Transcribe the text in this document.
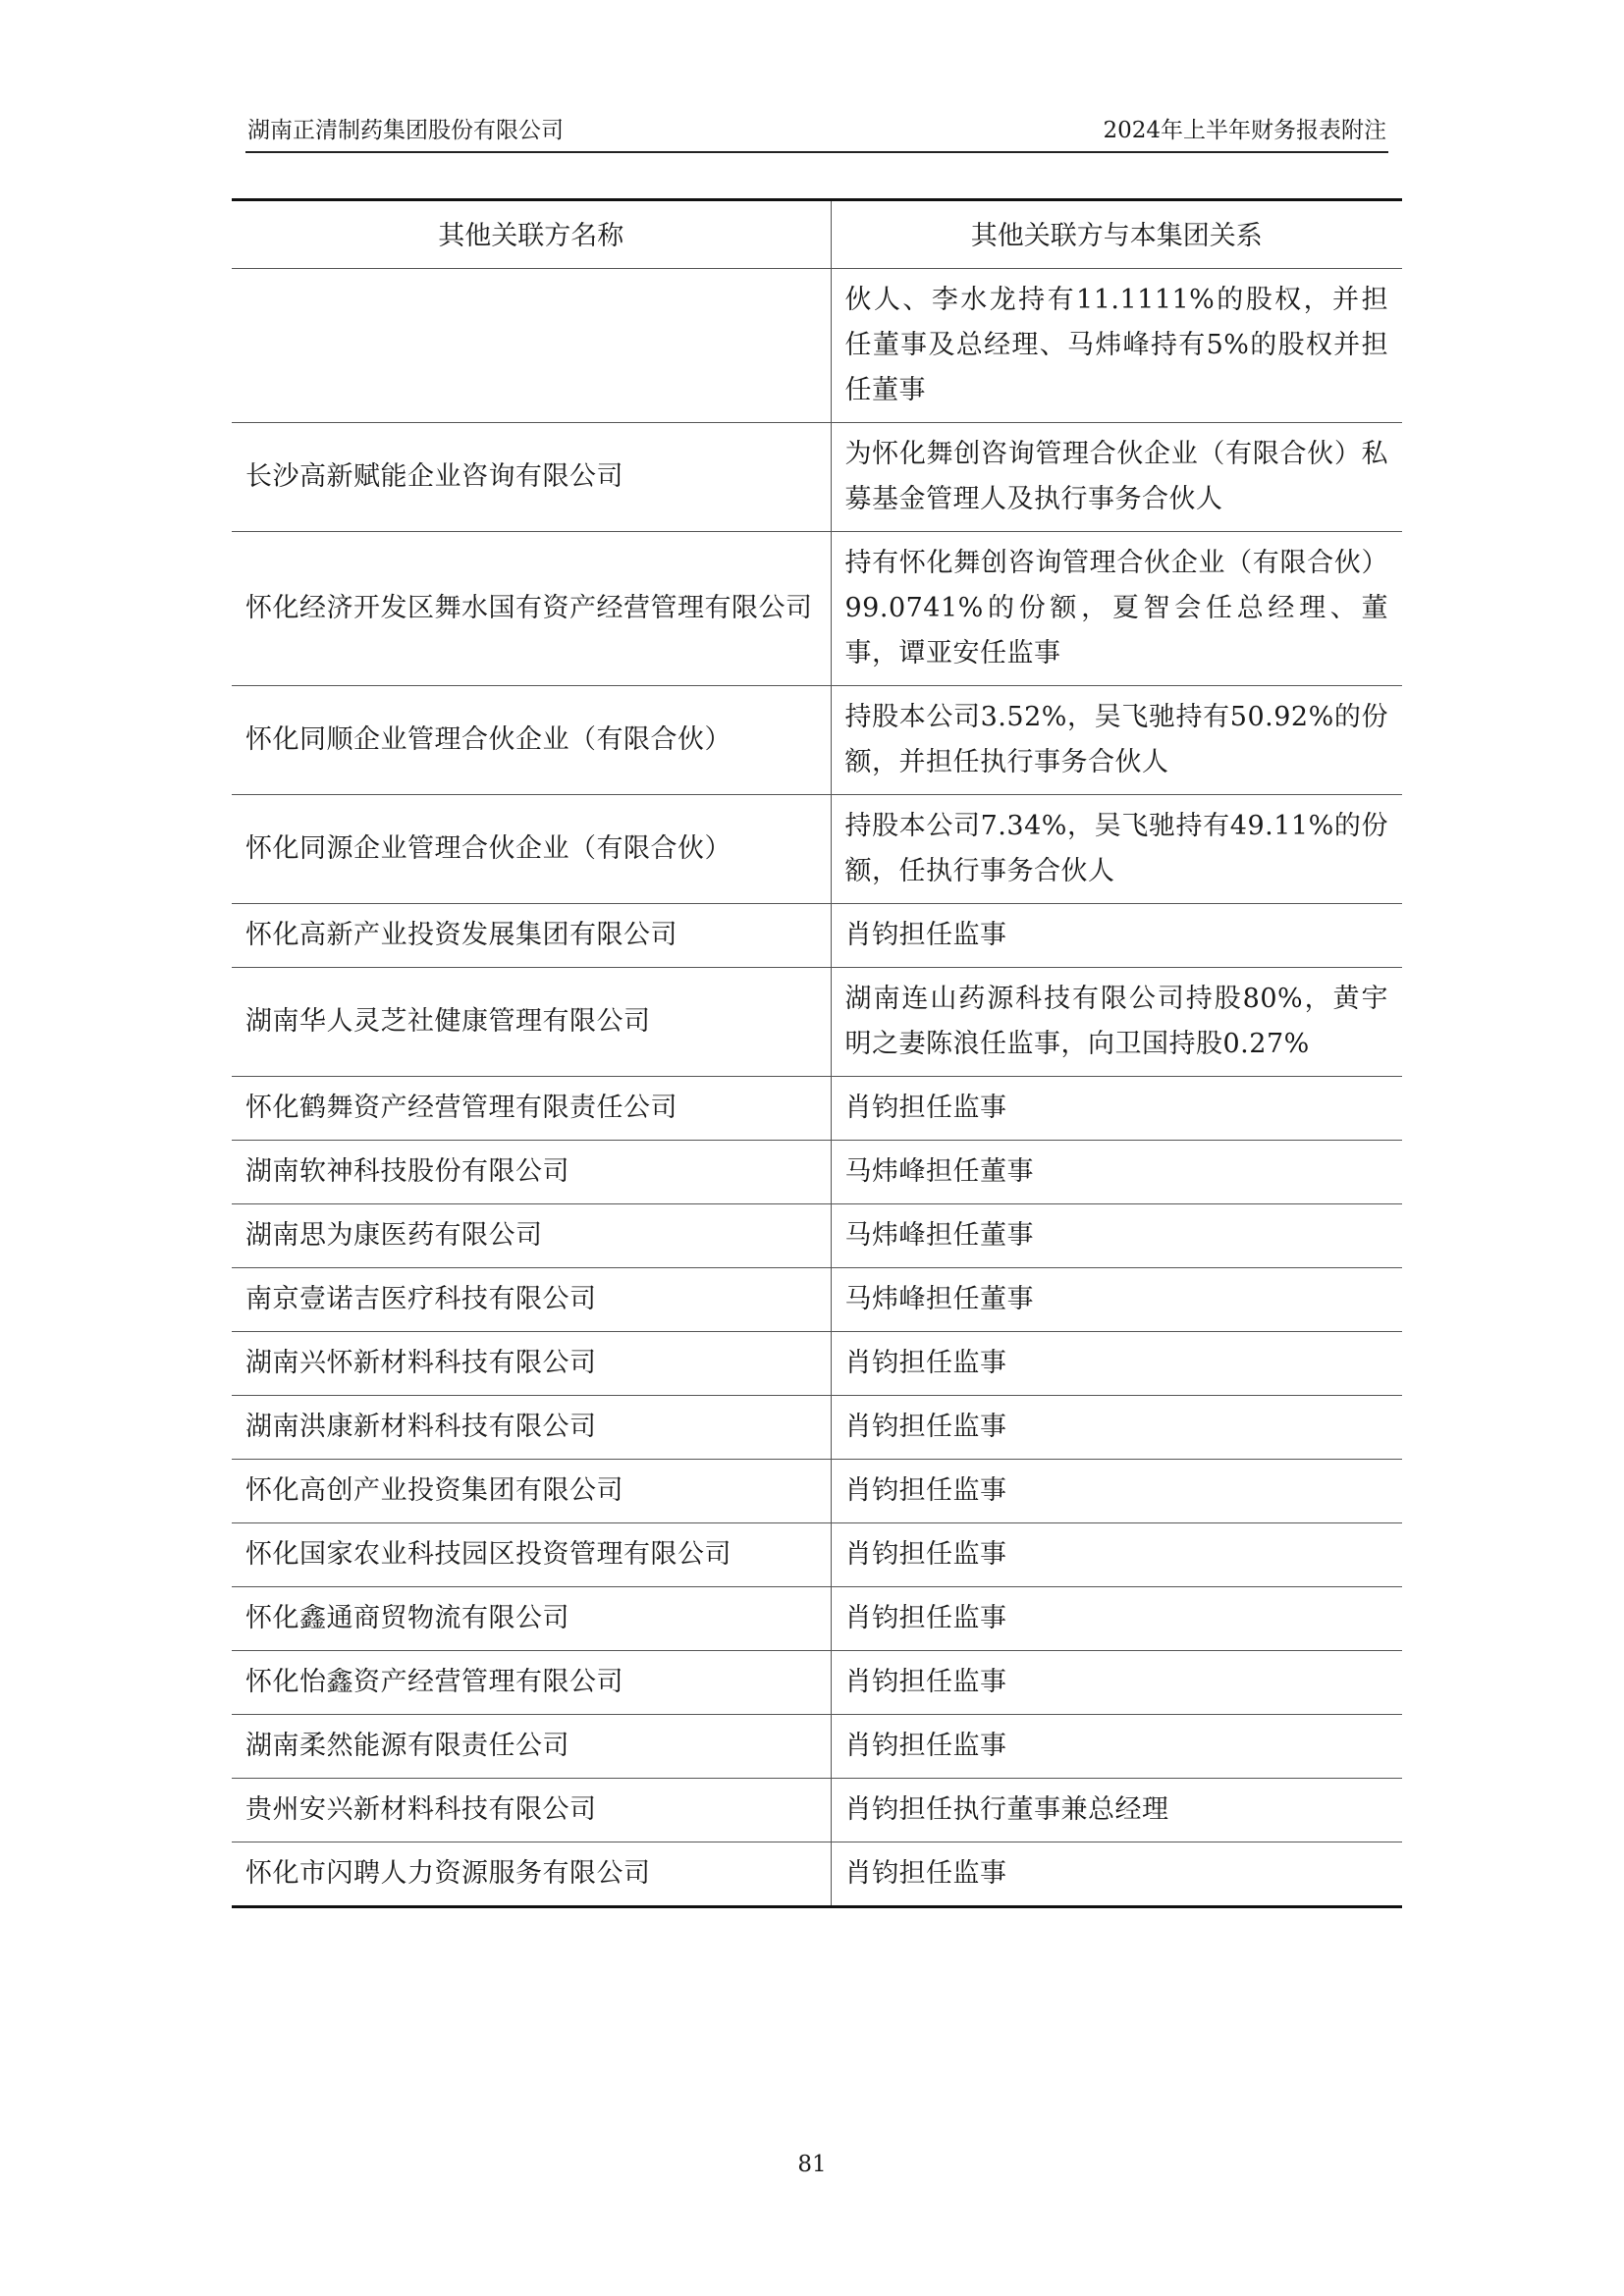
湖南正清制药集团股份有限公司	2024年上半年财务报表附注
其他关联方名称	其他关联方与本集团关系
	伙人、李水龙持有11.1111%的股权，并担任董事及总经理、马炜峰持有5%的股权并担任董事
长沙高新赋能企业咨询有限公司	为怀化舞创咨询管理合伙企业（有限合伙）私募基金管理人及执行事务合伙人
怀化经济开发区舞水国有资产经营管理有限公司	持有怀化舞创咨询管理合伙企业（有限合伙）99.0741%的份额，夏智会任总经理、董事，谭亚安任监事
怀化同顺企业管理合伙企业（有限合伙）	持股本公司3.52%，吴飞驰持有50.92%的份额，并担任执行事务合伙人
怀化同源企业管理合伙企业（有限合伙）	持股本公司7.34%，吴飞驰持有49.11%的份额，任执行事务合伙人
怀化高新产业投资发展集团有限公司	肖钧担任监事
湖南华人灵芝社健康管理有限公司	湖南连山药源科技有限公司持股80%，黄宇明之妻陈浪任监事，向卫国持股0.27%
怀化鹤舞资产经营管理有限责任公司	肖钧担任监事
湖南软神科技股份有限公司	马炜峰担任董事
湖南思为康医药有限公司	马炜峰担任董事
南京壹诺吉医疗科技有限公司	马炜峰担任董事
湖南兴怀新材料科技有限公司	肖钧担任监事
湖南洪康新材料科技有限公司	肖钧担任监事
怀化高创产业投资集团有限公司	肖钧担任监事
怀化国家农业科技园区投资管理有限公司	肖钧担任监事
怀化鑫通商贸物流有限公司	肖钧担任监事
怀化怡鑫资产经营管理有限公司	肖钧担任监事
湖南柔然能源有限责任公司	肖钧担任监事
贵州安兴新材料科技有限公司	肖钧担任执行董事兼总经理
怀化市闪聘人力资源服务有限公司	肖钧担任监事
81
